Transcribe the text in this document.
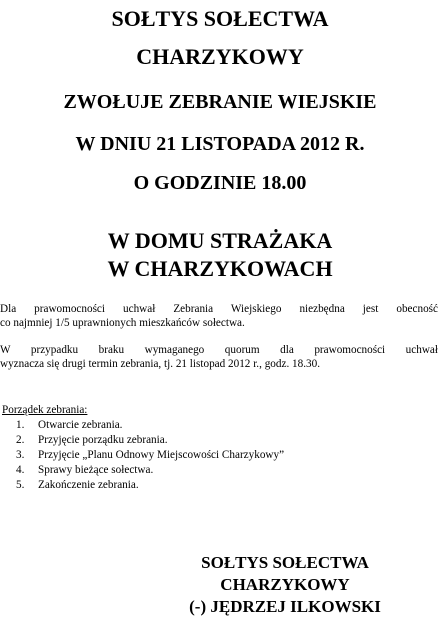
SOŁTYS SOŁECTWA
CHARZYKOWY
ZWOŁUJE ZEBRANIE WIEJSKIE
W DNIU 21 LISTOPADA 2012 R.
O GODZINIE 18.00
W DOMU STRAŻAKA
W CHARZYKOWACH
Dla prawomocności uchwał Zebrania Wiejskiego niezbędna jest obecność
co najmniej 1/5 uprawnionych mieszkańców sołectwa.
W przypadku braku wymaganego quorum dla prawomocności uchwał
wyznacza się drugi termin zebrania, tj. 21 listopad 2012 r., godz. 18.30.
Porządek zebrania:
1. Otwarcie zebrania.
2. Przyjęcie porządku zebrania.
3. Przyjęcie „Planu Odnowy Miejscowości Charzykowy”
4. Sprawy bieżące sołectwa.
5. Zakończenie zebrania.
SOŁTYS SOŁECTWA
CHARZYKOWY
(-) JĘDRZEJ ILKOWSKI
